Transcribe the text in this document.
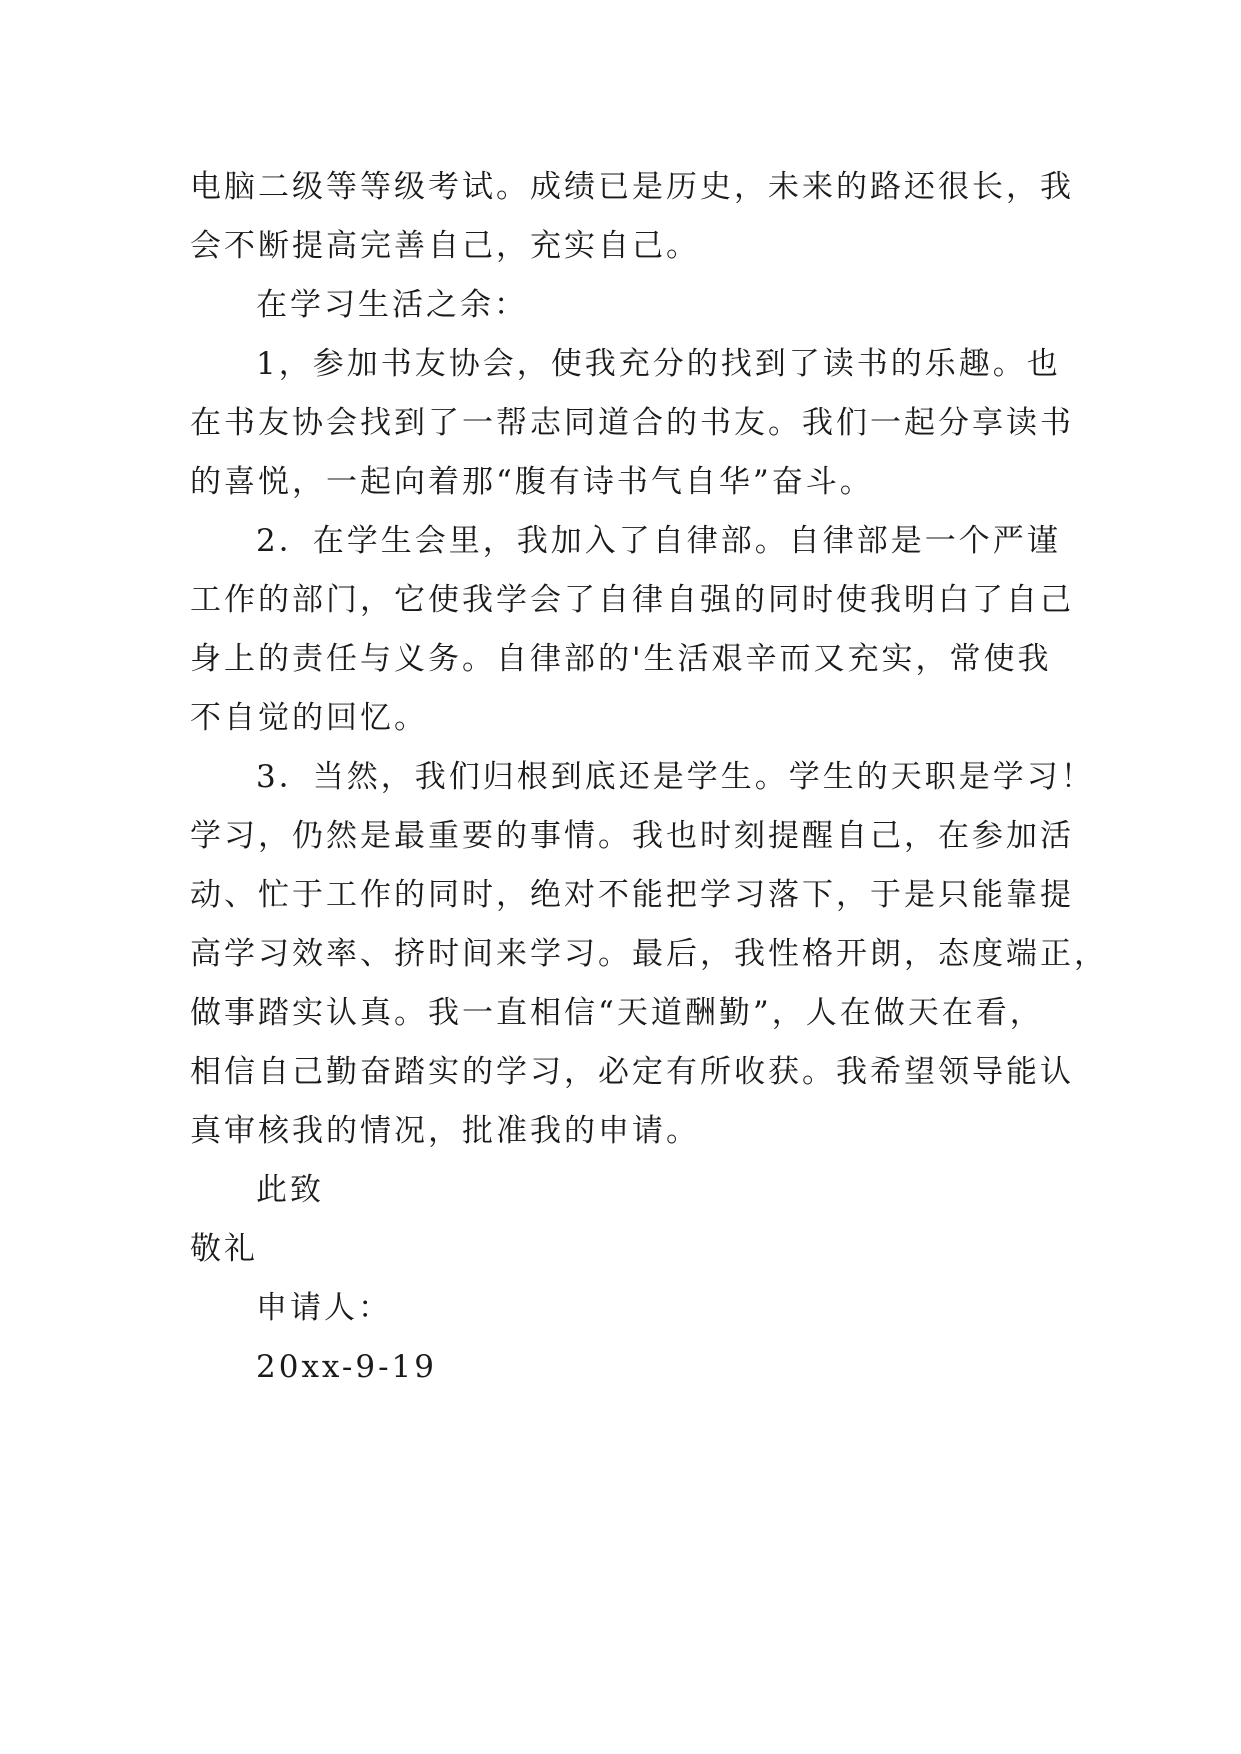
电脑二级等等级考试。成绩已是历史，未来的路还很长，我
会不断提高完善自己，充实自己。
在学习生活之余：
1，参加书友协会，使我充分的找到了读书的乐趣。也
在书友协会找到了一帮志同道合的书友。我们一起分享读书
的喜悦，一起向着那“腹有诗书气自华”奋斗。
2．在学生会里，我加入了自律部。自律部是一个严谨
工作的部门，它使我学会了自律自强的同时使我明白了自己
身上的责任与义务。自律部的'生活艰辛而又充实，常使我
不自觉的回忆。
3．当然，我们归根到底还是学生。学生的天职是学习！
学习，仍然是最重要的事情。我也时刻提醒自己，在参加活
动、忙于工作的同时，绝对不能把学习落下，于是只能靠提
高学习效率、挤时间来学习。最后，我性格开朗，态度端正，
做事踏实认真。我一直相信“天道酬勤”，人在做天在看，
相信自己勤奋踏实的学习，必定有所收获。我希望领导能认
真审核我的情况，批准我的申请。
此致
敬礼
申请人：
20xx-9-19
